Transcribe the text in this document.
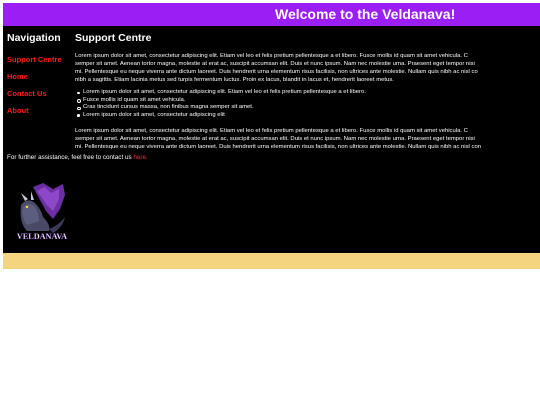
Welcome to the Veldanava!
Navigation
Support Centre
Home
Contact Us
About
Support Centre
Lorem ipsum dolor sit amet, consectetur adipiscing elit. Etiam vel leo et felis pretium pellentesque a et libero. Fusce mollis id quam sit amet vehicula. C
semper sit amet. Aenean tortor magna, molestie at erat ac, suscipit accumsan elit. Duis et nunc ipsum. Nam nec molestie urna. Praesent eget tempor nisi
mi. Pellentesque eu neque viverra ante dictum laoreet. Duis hendrerit urna elementum risus facilisis, non ultrices ante molestie. Nullam quis nibh ac nisl co
nibh a sagittis. Etiam lacinia metus sed turpis fermentum luctus. Proin ex lacus, blandit in lacus et, hendrerit laoreet metus.
Lorem ipsum dolor sit amet, consectetur adipiscing elit. Etiam vel leo et felis pretium pellentesque a et libero.
Fusce mollis id quam sit amet vehicula.
Cras tincidunt cursus massa, non finibus magna semper sit amet.
Lorem ipsum dolor sit amet, consectetur adipiscing elit
Lorem ipsum dolor sit amet, consectetur adipiscing elit. Etiam vel leo et felis pretium pellentesque a et libero. Fusce mollis id quam sit amet vehicula. C
semper sit amet. Aenean tortor magna, molestie at erat ac, suscipit accumsan elit. Duis et nunc ipsum. Nam nec molestie urna. Praesent eget tempor nisi
mi. Pellentesque eu neque viverra ante dictum laoreet. Duis hendrerit urna elementum risus facilisis, non ultrices ante molestie. Nullam quis nibh ac nisl con
For further assistance, feel free to contact us here.
VELDANAVA
